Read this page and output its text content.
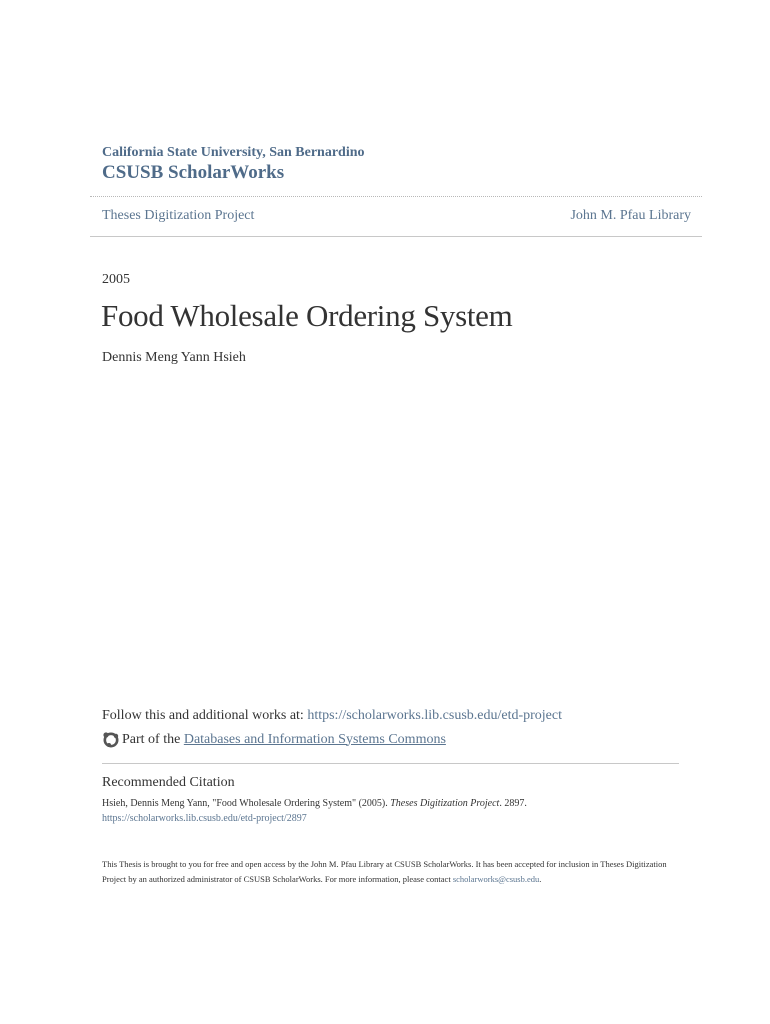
California State University, San Bernardino
CSUSB ScholarWorks
Theses Digitization Project	John M. Pfau Library
2005
Food Wholesale Ordering System
Dennis Meng Yann Hsieh
Follow this and additional works at: https://scholarworks.lib.csusb.edu/etd-project
Part of the
Databases and Information Systems Commons
Recommended Citation
Hsieh, Dennis Meng Yann, "Food Wholesale Ordering System" (2005). Theses Digitization Project. 2897.
https://scholarworks.lib.csusb.edu/etd-project/2897
This Thesis is brought to you for free and open access by the John M. Pfau Library at CSUSB ScholarWorks. It has been accepted for inclusion in Theses Digitization Project by an authorized administrator of CSUSB ScholarWorks. For more information, please contact scholarworks@csusb.edu.
